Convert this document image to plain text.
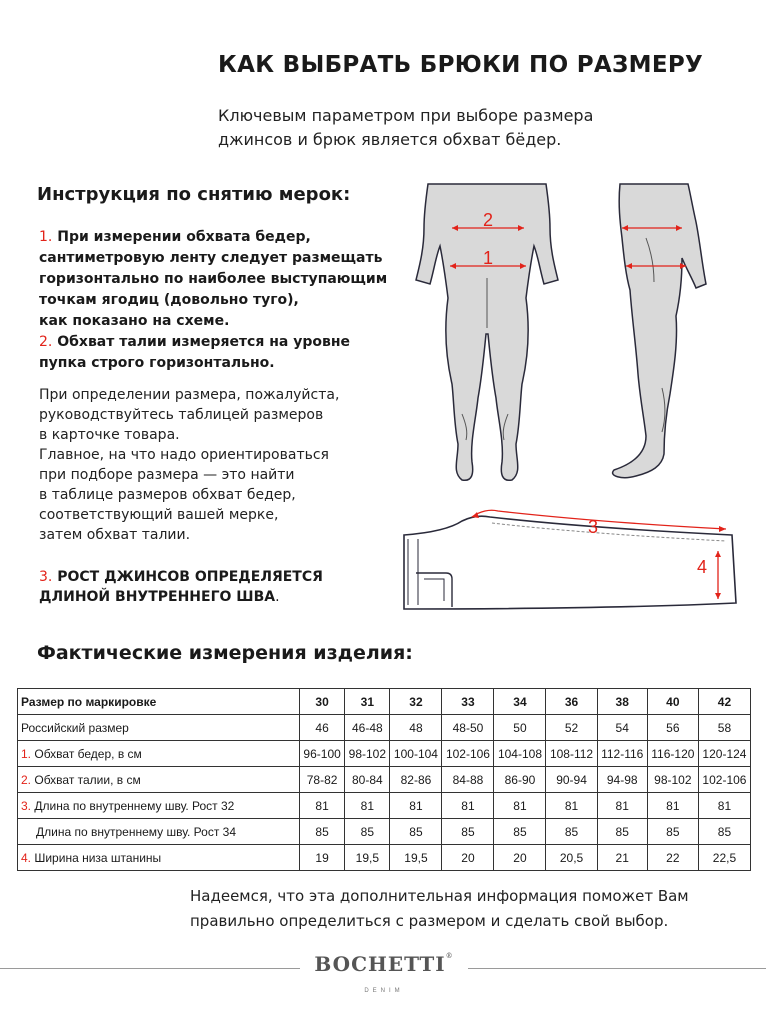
КАК ВЫБРАТЬ БРЮКИ ПО РАЗМЕРУ
Ключевым параметром при выборе размера
джинсов и брюк является обхват бёдер.
Инструкция по снятию мерок:

1. При измерении обхвата бедер,

сантиметровую ленту следует размещать

горизонтально по наиболее выступающим

точкам ягодиц (довольно туго),

как показано на схеме.

2. Обхват талии измеряется на уровне

пупка строго горизонтально.

При определении размера, пожалуйста,

руководствуйтесь таблицей размеров

в карточке товара.

Главное, на что надо ориентироваться

при подборе размера — это найти

в таблице размеров обхват бедер,

соответствующий вашей мерке,

затем обхват талии.

3. РОСТ ДЖИНСОВ ОПРЕДЕЛЯЕТСЯ

ДЛИНОЙ ВНУТРЕННЕГО ШВА.

2
1
3
4
Фактические измерения изделия:
Размер по маркировке	30	31	32	33	34	36	38	40	42
Российский размер	46	46-48	48	48-50	50	52	54	56	58
1. Обхват бедер, в см	96-100	98-102	100-104	102-106	104-108	108-112	112-116	116-120	120-124
2. Обхват талии, в см	78-82	80-84	82-86	84-88	86-90	90-94	94-98	98-102	102-106
3. Длина по внутреннему шву. Рост 32	81	81	81	81	81	81	81	81	81
Длина по внутреннему шву. Рост 34	85	85	85	85	85	85	85	85	85
4. Ширина низа штанины	19	19,5	19,5	20	20	20,5	21	22	22,5

Надеемся, что эта дополнительная информация поможет Вам

правильно определиться с размером и сделать свой выбор.

BOCHETTI®
DENIM
